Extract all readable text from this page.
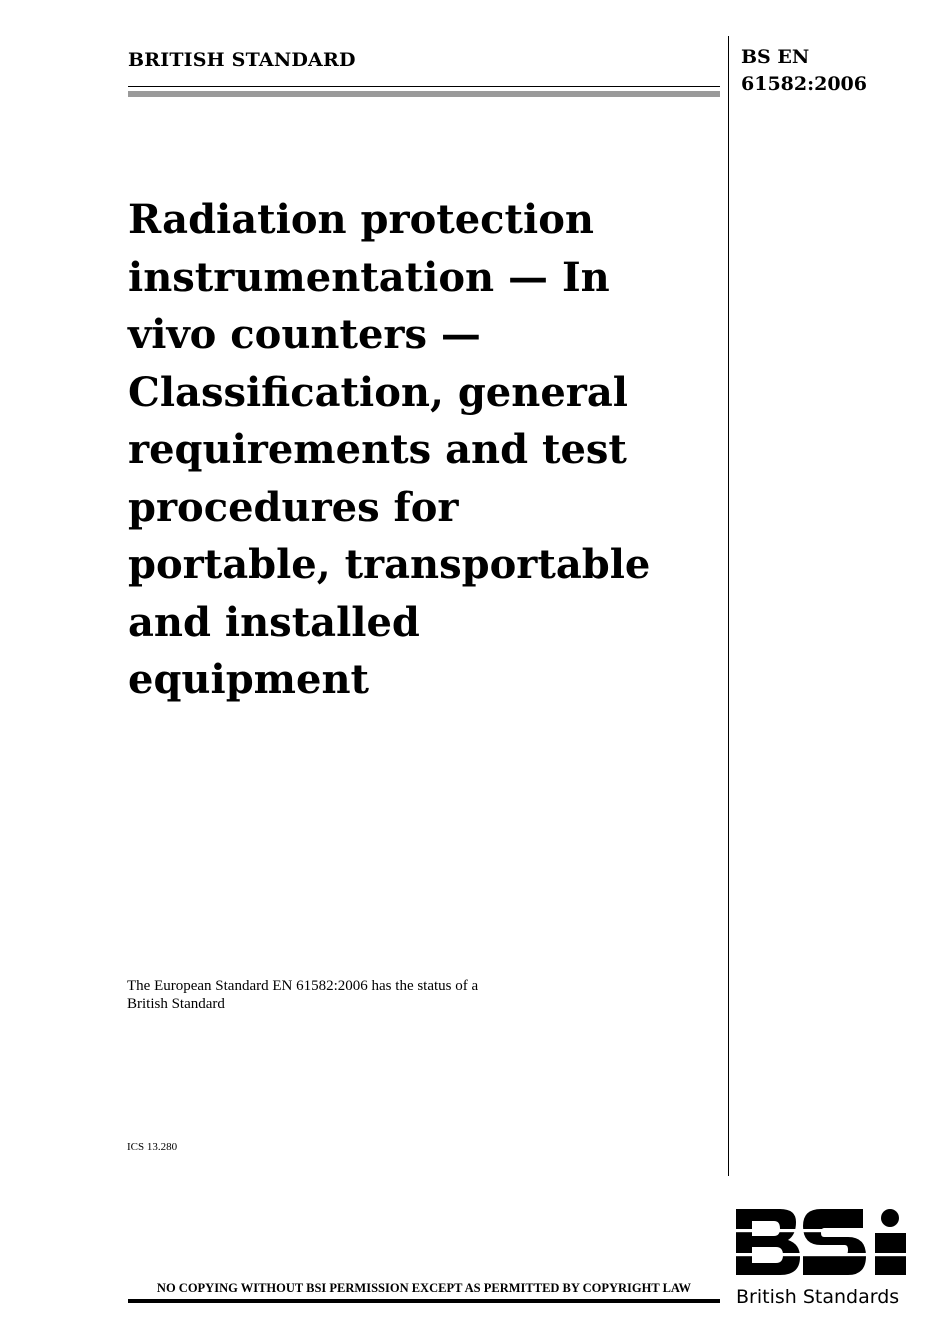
BRITISH STANDARD	BS EN
61582:2006
Radiation protection
instrumentation — In
vivo counters —
Classification, general
requirements and test
procedures for
portable, transportable
and installed
equipment
The European Standard EN 61582:2006 has the status of a
British Standard
ICS 13.280
NO COPYING WITHOUT BSI PERMISSION EXCEPT AS PERMITTED BY COPYRIGHT LAW	British Standards
